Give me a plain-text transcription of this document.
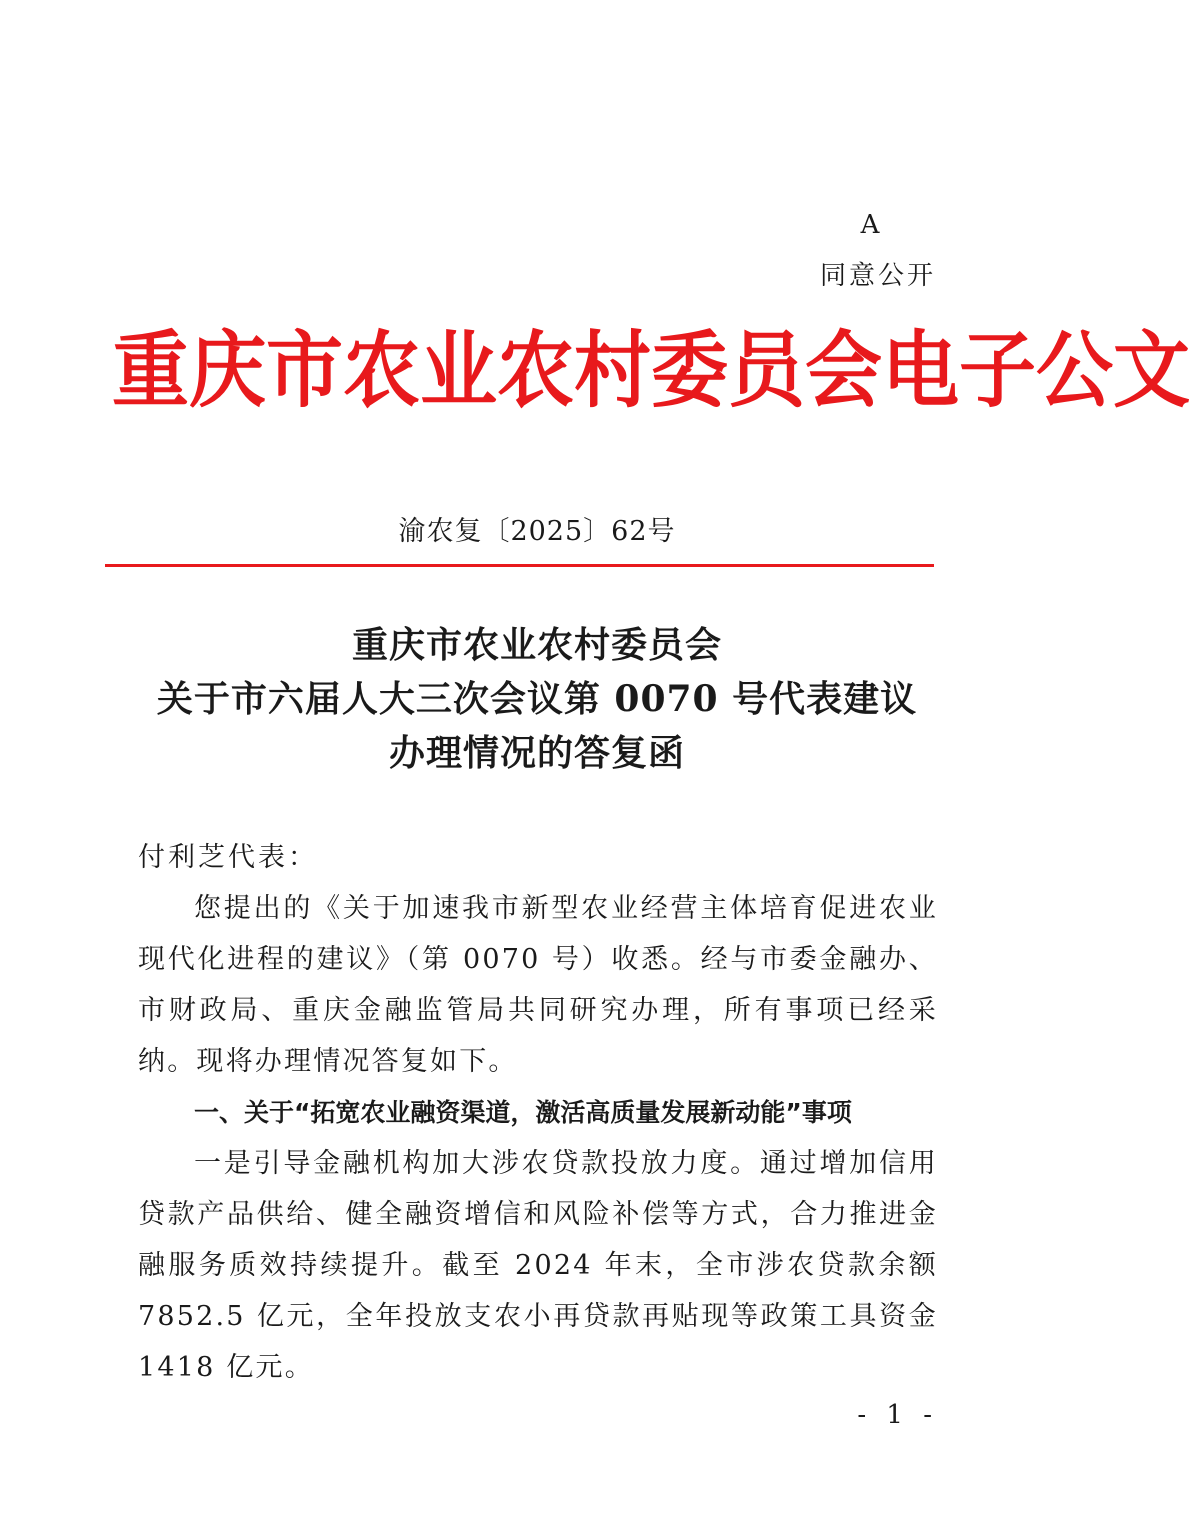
A
同意公开
重庆市农业农村委员会电子公文
渝农复〔2025〕62号
重庆市农业农村委员会
关于市六届人大三次会议第 0070 号代表建议
办理情况的答复函
付利芝代表：
您提出的《关于加速我市新型农业经营主体培育促进农业现代化进程的建议》（第 0070 号）收悉。经与市委金融办、市财政局、重庆金融监管局共同研究办理，所有事项已经采纳。现将办理情况答复如下。
一、关于“拓宽农业融资渠道，激活高质量发展新动能”事项
一是引导金融机构加大涉农贷款投放力度。通过增加信用贷款产品供给、健全融资增信和风险补偿等方式，合力推进金融服务质效持续提升。截至 2024 年末，全市涉农贷款余额 7852.5 亿元，全年投放支农小再贷款再贴现等政策工具资金 1418 亿元。
- 1 -
